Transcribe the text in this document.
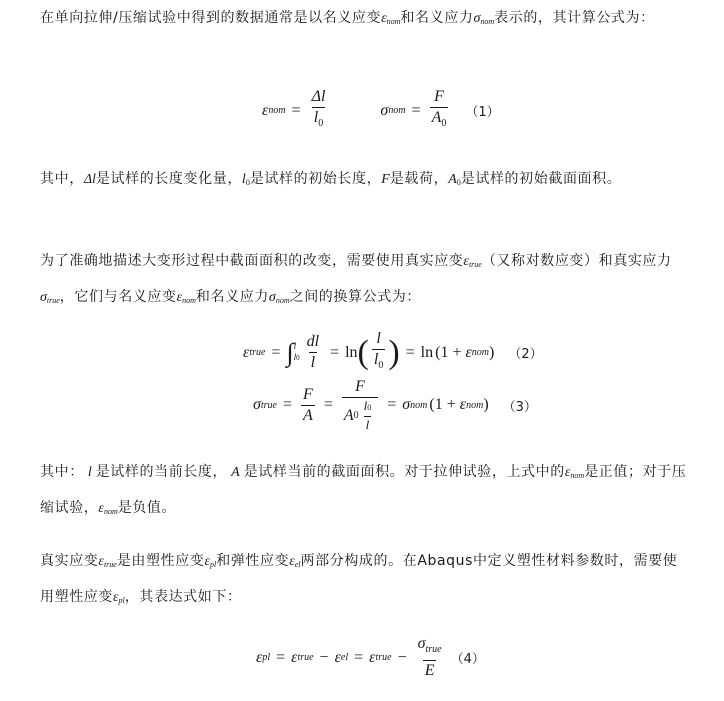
在单向拉伸/压缩试验中得到的数据通常是以名义应变$\varepsilon_{nom}$和名义应力$\sigma_{nom}$表示的，其计算公式为：
ε nom = $\frac{\Delta l}{l_0}$	σ nom = $\frac{F}{A_0} (1)$
其中，Δl是试样的长度变化量，$l_0$是试样的初始长度，F是载荷，$A_0$是试样的初始截面面积。
为了准确地描述大变形过程中截面面积的改变，需要使用真实应变$\varepsilon_{true}$（又称对数应变）和真实应力$\sigma_{true}$，它们与名义应变$\varepsilon_{nom}$和名义应力$\sigma_{nom}$之间的换算公式为：
ε true = ∫ l
$l0 \frac{dl}{l} = \ln$ ( $\frac{l}{l_0}$ ) = ln (1 + ε nom ) （2）
σ true = $\frac{F}{A} = \frac{F}{A 0 \frac{l0}{l}} = \sigma$ nom (1 + ε nom ) （3）
其中： l 是试样的当前长度， A 是试样当前的截面面积。对于拉伸试验，上式中的$\varepsilon_{nom}$是正值；对于压缩试验，$\varepsilon_{nom}$是负值。
真实应变$\varepsilon_{true}$是由塑性应变$\varepsilon_{pl}$和弹性应变$\varepsilon_{el}$两部分构成的。在Abaqus中定义塑性材料参数时，需要使用塑性应变$\varepsilon_{pl}$，其表达式如下：
ε pl = ε true − ε el = ε true − $\frac{\sigma_{true}}{E} (4)$
